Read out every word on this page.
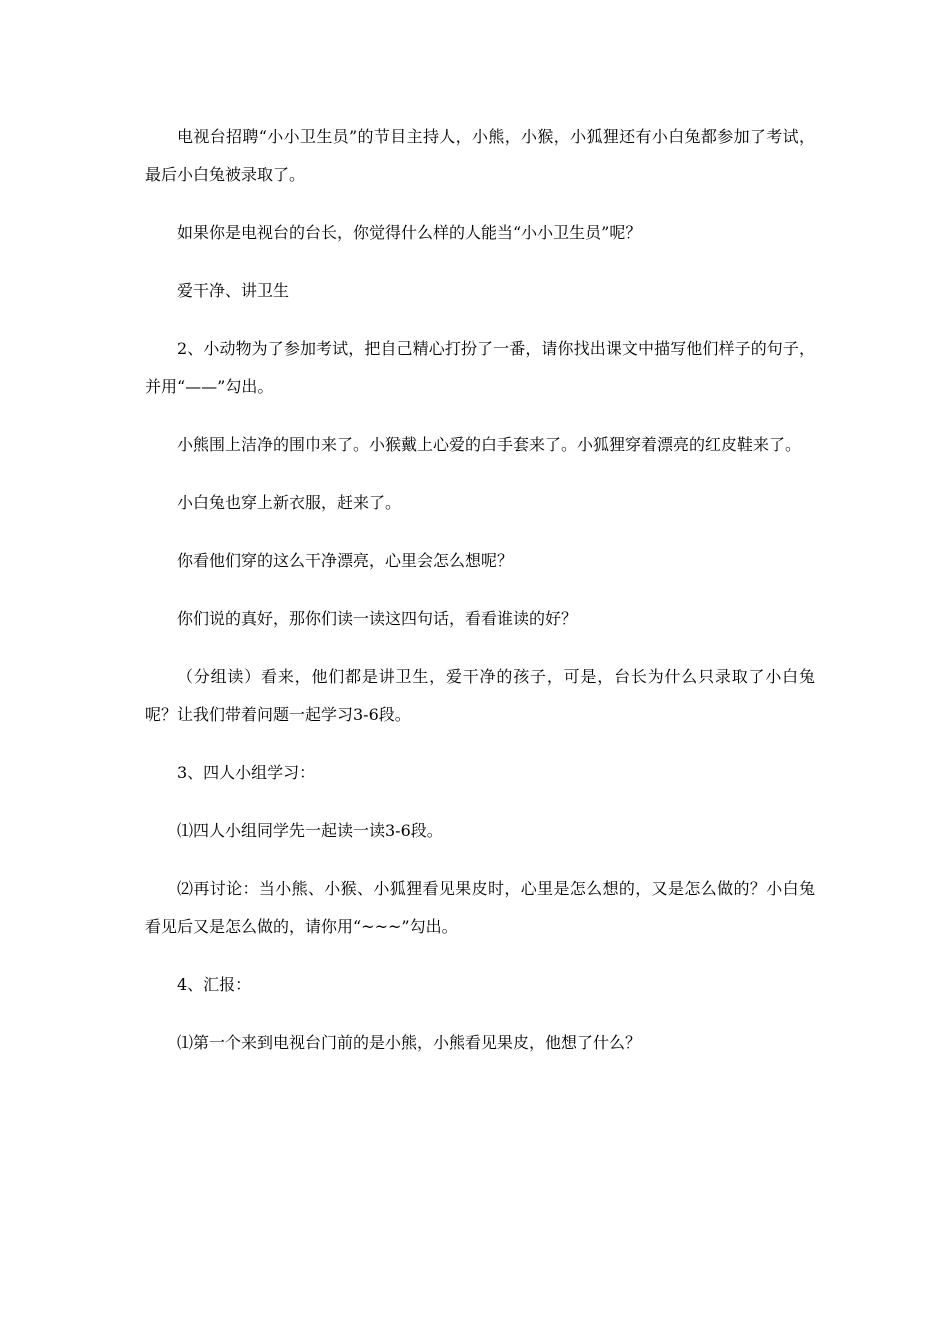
电视台招聘“小小卫生员”的节目主持人，小熊，小猴，小狐狸还有小白兔都参加了考试，最后小白兔被录取了。

如果你是电视台的台长，你觉得什么样的人能当“小小卫生员”呢？

爱干净、讲卫生

2、小动物为了参加考试，把自己精心打扮了一番，请你找出课文中描写他们样子的句子，并用“——”勾出。

小熊围上洁净的围巾来了。小猴戴上心爱的白手套来了。小狐狸穿着漂亮的红皮鞋来了。

小白兔也穿上新衣服，赶来了。

你看他们穿的这么干净漂亮，心里会怎么想呢？

你们说的真好，那你们读一读这四句话，看看谁读的好？

（分组读）看来，他们都是讲卫生，爱干净的孩子，可是，台长为什么只录取了小白兔呢？让我们带着问题一起学习3-6段。

3、四人小组学习：

⑴四人小组同学先一起读一读3-6段。

⑵再讨论：当小熊、小猴、小狐狸看见果皮时，心里是怎么想的，又是怎么做的？小白兔看见后又是怎么做的，请你用“~~~”勾出。

4、汇报：

⑴第一个来到电视台门前的是小熊，小熊看见果皮，他想了什么？
